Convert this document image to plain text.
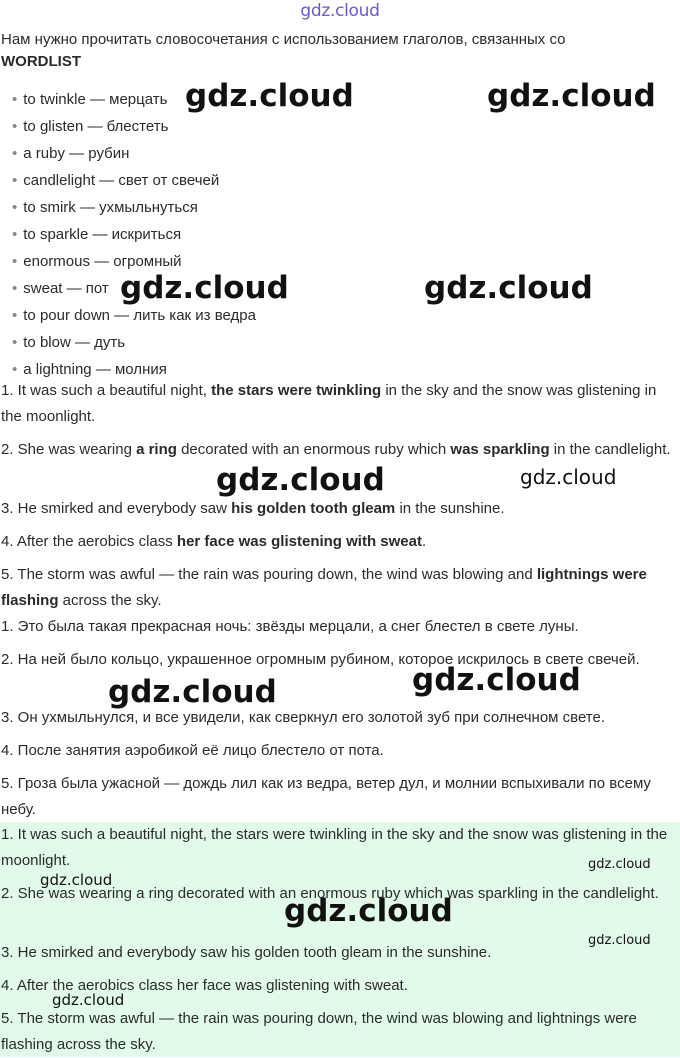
gdz.cloud
Нам нужно прочитать словосочетания с использованием глаголов, связанных со
WORDLIST
• to twinkle — мерцать
• to glisten — блестеть
• a ruby — рубин
• candlelight — свет от свечей
• to smirk — ухмыльнуться
• to sparkle — искриться
• enormous — огромный
• sweat — пот
• to pour down — лить как из ведра
• to blow — дуть
• a lightning — молния
1. It was such a beautiful night, the stars were twinkling in the sky and the snow was glistening in the moonlight.
2. She was wearing a ring decorated with an enormous ruby which was sparkling in the candlelight.
3. He smirked and everybody saw his golden tooth gleam in the sunshine.
4. After the aerobics class her face was glistening with sweat.
5. The storm was awful — the rain was pouring down, the wind was blowing and lightnings were flashing across the sky.
1. Это была такая прекрасная ночь: звёзды мерцали, а снег блестел в свете луны.
2. На ней было кольцо, украшенное огромным рубином, которое искрилось в свете свечей.
3. Он ухмыльнулся, и все увидели, как сверкнул его золотой зуб при солнечном свете.
4. После занятия аэробикой её лицо блестело от пота.
5. Гроза была ужасной — дождь лил как из ведра, ветер дул, и молнии вспыхивали по всему небу.
1. It was such a beautiful night, the stars were twinkling in the sky and the snow was glistening in the moonlight.
2. She was wearing a ring decorated with an enormous ruby which was sparkling in the candlelight.
3. He smirked and everybody saw his golden tooth gleam in the sunshine.
4. After the aerobics class her face was glistening with sweat.
5. The storm was awful — the rain was pouring down, the wind was blowing and lightnings were flashing across the sky.
gdz.cloud	gdz.cloud
gdz.cloud	gdz.cloud
gdz.cloud	gdz.cloud
gdz.cloud	gdz.cloud
gdz.cloud
gdz.cloud
gdz.cloud
gdz.cloud
gdz.cloud
